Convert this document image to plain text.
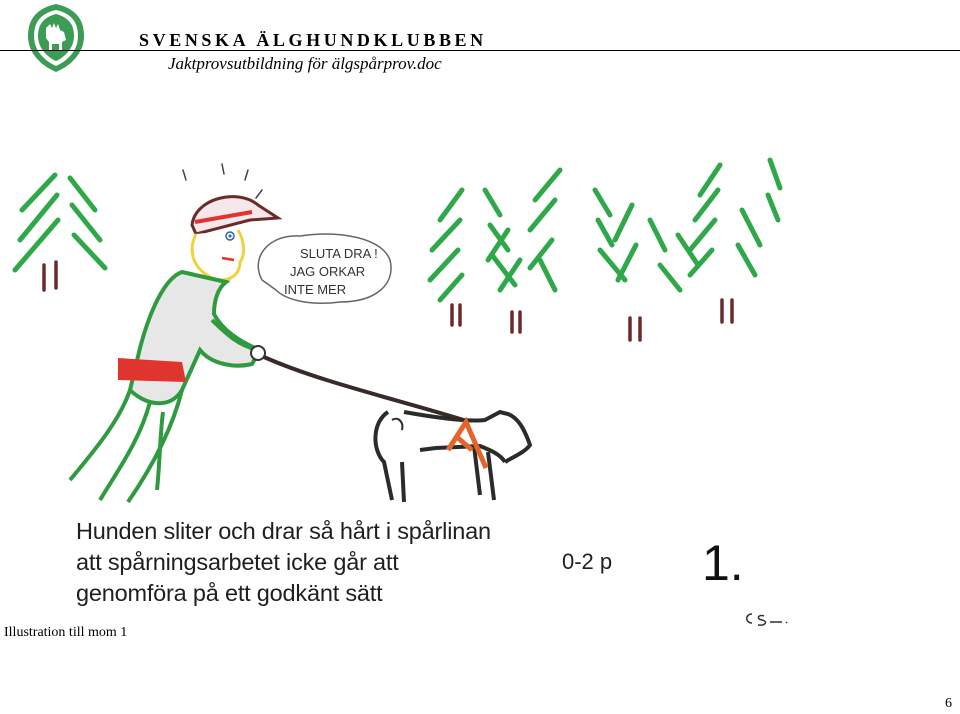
SVENSKA ÄLGHUNDKLUBBEN
Jaktprovsutbildning för älgspårprov.doc
SLUTA DRA !
JAG ORKAR
INTE MER
Hunden sliter och drar så hårt i spårlinan
att spårningsarbetet icke går att
genomföra på ett godkänt sätt
0-2 p 1.
Illustration till mom 1
6
